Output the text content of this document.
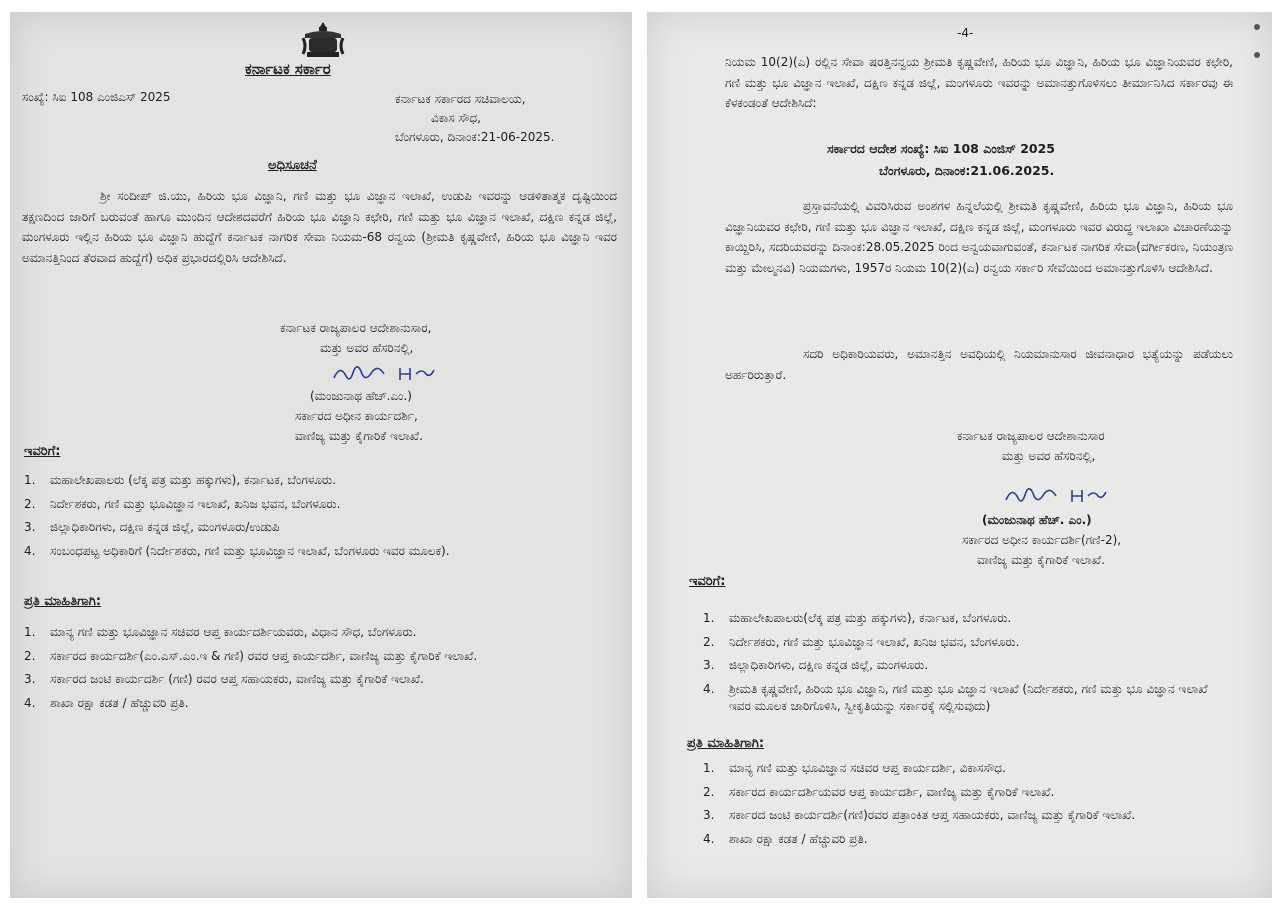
ಕರ್ನಾಟಕ ಸರ್ಕಾರ
ಸಂಖ್ಯೆ: ಸಿಐ 108 ಎಂಜಿಎಸ್ 2025	ಕರ್ನಾಟಕ ಸರ್ಕಾರದ ಸಚಿವಾಲಯ,
ವಿಕಾಸ ಸೌಧ,
ಬೆಂಗಳೂರು, ದಿನಾಂಕ:21-06-2025.
ಅಧಿಸೂಚನೆ
ಶ್ರೀ ಸಂದೀಪ್ ಜಿ.ಯು, ಹಿರಿಯ ಭೂ ವಿಜ್ಞಾನಿ, ಗಣಿ ಮತ್ತು ಭೂ ವಿಜ್ಞಾನ ಇಲಾಖೆ, ಉಡುಪಿ ಇವರನ್ನು ಆಡಳಿತಾತ್ಮಕ ದೃಷ್ಟಿಯಿಂದ ತಕ್ಷಣದಿಂದ ಜಾರಿಗೆ ಬರುವಂತೆ ಹಾಗೂ ಮುಂದಿನ ಆದೇಶದವರೆಗೆ ಹಿರಿಯ ಭೂ ವಿಜ್ಞಾನಿ ಕಛೇರಿ, ಗಣಿ ಮತ್ತು ಭೂ ವಿಜ್ಞಾನ ಇಲಾಖೆ, ದಕ್ಷಿಣ ಕನ್ನಡ ಜಿಲ್ಲೆ, ಮಂಗಳೂರು ಇಲ್ಲಿನ ಹಿರಿಯ ಭೂ ವಿಜ್ಞಾನಿ ಹುದ್ದೆಗೆ ಕರ್ನಾಟಕ ನಾಗರಿಕ ಸೇವಾ ನಿಯಮ-68 ರನ್ವಯ (ಶ್ರೀಮತಿ ಕೃಷ್ಣವೇಣಿ, ಹಿರಿಯ ಭೂ ವಿಜ್ಞಾನಿ ಇವರ ಅಮಾನತ್ತಿನಿಂದ ತೆರವಾದ ಹುದ್ದೆಗೆ) ಅಧಿಕ ಪ್ರಭಾರದಲ್ಲಿರಿಸಿ ಆದೇಶಿಸಿದೆ.
ಕರ್ನಾಟಕ ರಾಜ್ಯಪಾಲರ ಆದೇಶಾನುಸಾರ,
ಮತ್ತು ಅವರ ಹೆಸರಿನಲ್ಲಿ,
(ಮಂಜುನಾಥ ಹೆಚ್.ಎಂ.)
ಸರ್ಕಾರದ ಅಧೀನ ಕಾರ್ಯದರ್ಶಿ,
ವಾಣಿಜ್ಯ ಮತ್ತು ಕೈಗಾರಿಕೆ ಇಲಾಖೆ.
ಇವರಿಗೆ:
1. ಮಹಾಲೇಖಪಾಲರು (ಲೆಕ್ಕ ಪತ್ರ ಮತ್ತು ಹಕ್ಕುಗಳು), ಕರ್ನಾಟಕ, ಬೆಂಗಳೂರು.
2. ನಿರ್ದೇಶಕರು, ಗಣಿ ಮತ್ತು ಭೂವಿಜ್ಞಾನ ಇಲಾಖೆ, ಖನಿಜ ಭವನ, ಬೆಂಗಳೂರು.
3. ಜಿಲ್ಲಾಧಿಕಾರಿಗಳು, ದಕ್ಷಿಣ ಕನ್ನಡ ಜಿಲ್ಲೆ, ಮಂಗಳೂರು/ಉಡುಪಿ
4. ಸಂಬಂಧಪಟ್ಟ ಅಧಿಕಾರಿಗೆ (ನಿರ್ದೇಶಕರು, ಗಣಿ ಮತ್ತು ಭೂವಿಜ್ಞಾನ ಇಲಾಖೆ, ಬೆಂಗಳೂರು ಇವರ ಮೂಲಕ).
ಪ್ರತಿ ಮಾಹಿತಿಗಾಗಿ:
1. ಮಾನ್ಯ ಗಣಿ ಮತ್ತು ಭೂವಿಜ್ಞಾನ ಸಚಿವರ ಆಪ್ತ ಕಾರ್ಯದರ್ಶಿಯವರು, ವಿಧಾನ ಸೌಧ, ಬೆಂಗಳೂರು.
2. ಸರ್ಕಾರದ ಕಾರ್ಯದರ್ಶಿ(ಎಂ.ಎಸ್.ಎಂ.ಇ & ಗಣಿ) ರವರ ಆಪ್ತ ಕಾರ್ಯದರ್ಶಿ, ವಾಣಿಜ್ಯ ಮತ್ತು ಕೈಗಾರಿಕೆ ಇಲಾಖೆ.
3. ಸರ್ಕಾರದ ಜಂಟಿ ಕಾರ್ಯದರ್ಶಿ (ಗಣಿ) ರವರ ಆಪ್ತ ಸಹಾಯಕರು, ವಾಣಿಜ್ಯ ಮತ್ತು ಕೈಗಾರಿಕೆ ಇಲಾಖೆ.
4. ಶಾಖಾ ರಕ್ಷಾ ಕಡತ / ಹೆಚ್ಚುವರಿ ಪ್ರತಿ.
-4-
ನಿಯಮ 10(2)(ಎ) ರಲ್ಲಿನ ಸೇವಾ ಷರತ್ತಿನನ್ವಯ ಶ್ರೀಮತಿ ಕೃಷ್ಣವೇಣಿ, ಹಿರಿಯ ಭೂ ವಿಜ್ಞಾನಿ, ಹಿರಿಯ ಭೂ ವಿಜ್ಞಾನಿಯವರ ಕಛೇರಿ, ಗಣಿ ಮತ್ತು ಭೂ ವಿಜ್ಞಾನ ಇಲಾಖೆ, ದಕ್ಷಿಣ ಕನ್ನಡ ಜಿಲ್ಲೆ, ಮಂಗಳೂರು ಇವರನ್ನು ಅಮಾನತ್ತುಗೊಳಿಸಲು ತೀರ್ಮಾನಿಸಿದ ಸರ್ಕಾರವು ಈ ಕೆಳಕಂಡಂತೆ ಆದೇಶಿಸಿದೆ:
ಸರ್ಕಾರದ ಆದೇಶ ಸಂಖ್ಯೆ: ಸಿಐ 108 ಎಂಜಿಸ್ 2025
ಬೆಂಗಳೂರು, ದಿನಾಂಕ:21.06.2025.
ಪ್ರಸ್ತಾವನೆಯಲ್ಲಿ ವಿವರಿಸಿರುವ ಅಂಶಗಳ ಹಿನ್ನಲೆಯಲ್ಲಿ ಶ್ರೀಮತಿ ಕೃಷ್ಣವೇಣಿ, ಹಿರಿಯ ಭೂ ವಿಜ್ಞಾನಿ, ಹಿರಿಯ ಭೂ ವಿಜ್ಞಾನಿಯವರ ಕಛೇರಿ, ಗಣಿ ಮತ್ತು ಭೂ ವಿಜ್ಞಾನ ಇಲಾಖೆ, ದಕ್ಷಿಣ ಕನ್ನಡ ಜಿಲ್ಲೆ, ಮಂಗಳೂರು ಇವರ ವಿರುದ್ಧ ಇಲಾಖಾ ವಿಚಾರಣೆಯನ್ನು ಕಾಯ್ದಿರಿಸಿ, ಸದರಿಯವರನ್ನು ದಿನಾಂಕ:28.05.2025 ರಿಂದ ಅನ್ವಯವಾಗುವಂತೆ, ಕರ್ನಾಟಕ ನಾಗರಿಕ ಸೇವಾ(ವರ್ಗೀಕರಣ, ನಿಯಂತ್ರಣ ಮತ್ತು ಮೇಲ್ಮನವಿ) ನಿಯಮಗಳು, 1957ರ ನಿಯಮ 10(2)(ಎ) ರನ್ವಯ ಸರ್ಕಾರಿ ಸೇವೆಯಿಂದ ಅಮಾನತ್ತುಗೊಳಿಸಿ ಆದೇಶಿಸಿದೆ.
ಸದರಿ ಅಧಿಕಾರಿಯವರು, ಅಮಾನತ್ತಿನ ಅವಧಿಯಲ್ಲಿ ನಿಯಮಾನುಸಾರ ಜೀವನಾಧಾರ ಭತ್ಯೆಯನ್ನು ಪಡೆಯಲು ಅರ್ಹರಿರುತ್ತಾರೆ.
ಕರ್ನಾಟಕ ರಾಜ್ಯಪಾಲರ ಆದೇಶಾನುಸಾರ
ಮತ್ತು ಅವರ ಹೆಸರಿನಲ್ಲಿ,
(ಮಂಜುನಾಥ ಹೆಚ್. ಎಂ.)
ಸರ್ಕಾರದ ಅಧೀನ ಕಾರ್ಯದರ್ಶಿ(ಗಣಿ-2),
ವಾಣಿಜ್ಯ ಮತ್ತು ಕೈಗಾರಿಕೆ ಇಲಾಖೆ.
ಇವರಿಗೆ:
1. ಮಹಾಲೇಖಪಾಲರು(ಲೆಕ್ಕ ಪತ್ರ ಮತ್ತು ಹಕ್ಕುಗಳು), ಕರ್ನಾಟಕ, ಬೆಂಗಳೂರು.
2. ನಿರ್ದೇಶಕರು, ಗಣಿ ಮತ್ತು ಭೂವಿಜ್ಞಾನ ಇಲಾಖೆ, ಖನಿಜ ಭವನ, ಬೆಂಗಳೂರು.
3. ಜಿಲ್ಲಾಧಿಕಾರಿಗಳು, ದಕ್ಷಿಣ ಕನ್ನಡ ಜಿಲ್ಲೆ, ಮಂಗಳೂರು.
4. ಶ್ರೀಮತಿ ಕೃಷ್ಣವೇಣಿ, ಹಿರಿಯ ಭೂ ವಿಜ್ಞಾನಿ, ಗಣಿ ಮತ್ತು ಭೂ ವಿಜ್ಞಾನ ಇಲಾಖೆ (ನಿರ್ದೇಶಕರು, ಗಣಿ ಮತ್ತು ಭೂ ವಿಜ್ಞಾನ ಇಲಾಖೆ ಇವರ ಮೂಲಕ ಜಾರಿಗೊಳಿಸಿ, ಸ್ವೀಕೃತಿಯನ್ನು ಸರ್ಕಾರಕ್ಕೆ ಸಲ್ಲಿಸುವುದು)
ಪ್ರತಿ ಮಾಹಿತಿಗಾಗಿ:
1. ಮಾನ್ಯ ಗಣಿ ಮತ್ತು ಭೂವಿಜ್ಞಾನ ಸಚಿವರ ಆಪ್ತ ಕಾರ್ಯದರ್ಶಿ, ವಿಕಾಸಸೌಧ.
2. ಸರ್ಕಾರದ ಕಾರ್ಯದರ್ಶಿಯವರ ಆಪ್ತ ಕಾರ್ಯದರ್ಶಿ, ವಾಣಿಜ್ಯ ಮತ್ತು ಕೈಗಾರಿಕೆ ಇಲಾಖೆ.
3. ಸರ್ಕಾರದ ಜಂಟಿ ಕಾರ್ಯದರ್ಶಿ(ಗಣಿ)ರವರ ಪತ್ರಾಂಕಿತ ಆಪ್ತ ಸಹಾಯಕರು, ವಾಣಿಜ್ಯ ಮತ್ತು ಕೈಗಾರಿಕೆ ಇಲಾಖೆ.
4. ಶಾಖಾ ರಕ್ಷಾ ಕಡತ / ಹೆಚ್ಚುವರಿ ಪ್ರತಿ.
